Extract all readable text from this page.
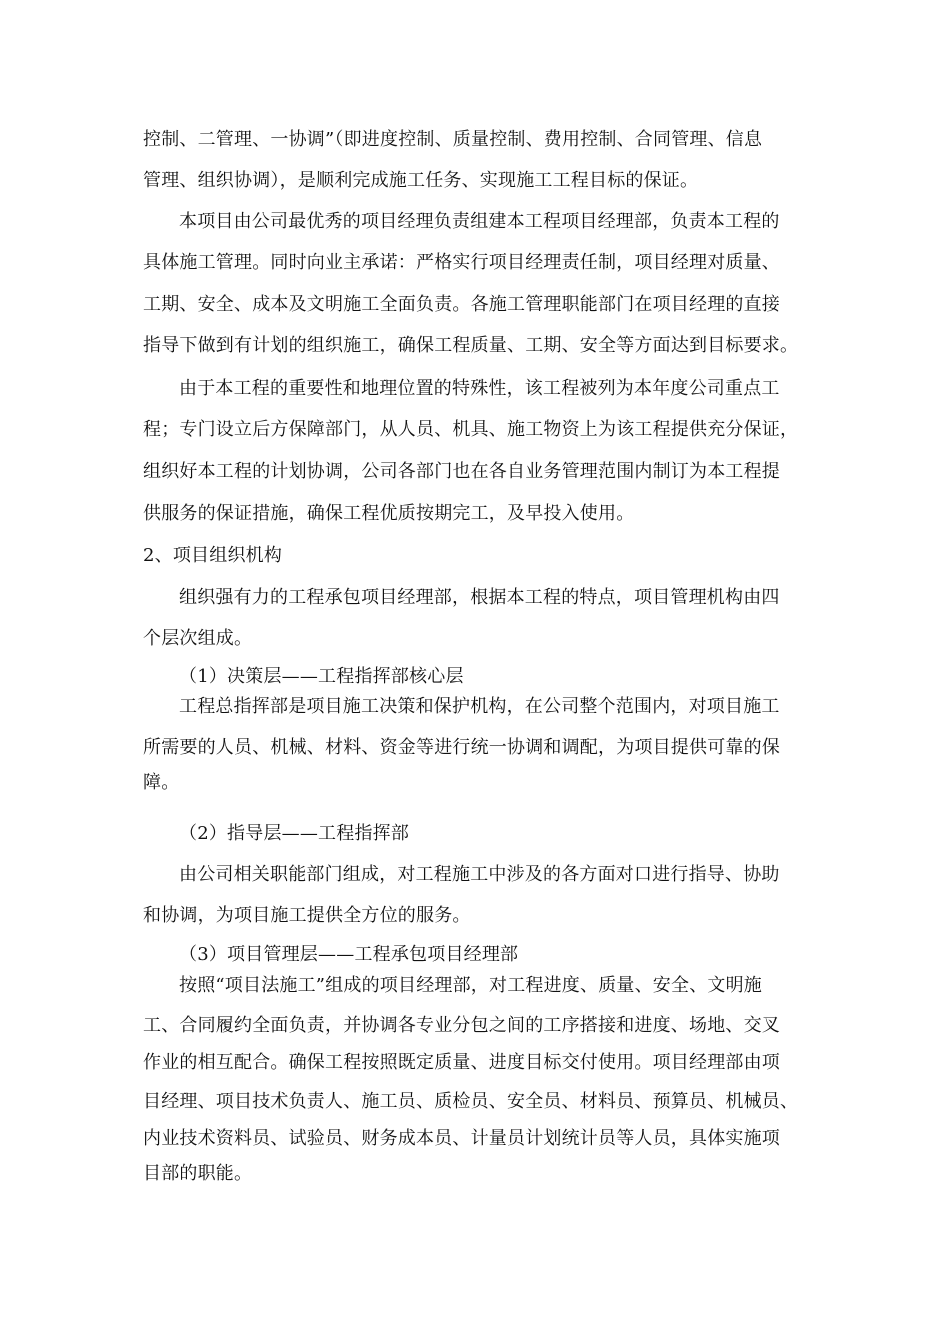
控制、二管理、一协调”（即进度控制、质量控制、费用控制、合同管理、信息
管理、组织协调），是顺利完成施工任务、实现施工工程目标的保证。
本项目由公司最优秀的项目经理负责组建本工程项目经理部，负责本工程的
具体施工管理。同时向业主承诺：严格实行项目经理责任制，项目经理对质量、
工期、安全、成本及文明施工全面负责。各施工管理职能部门在项目经理的直接
指导下做到有计划的组织施工，确保工程质量、工期、安全等方面达到目标要求。
由于本工程的重要性和地理位置的特殊性，该工程被列为本年度公司重点工
程；专门设立后方保障部门，从人员、机具、施工物资上为该工程提供充分保证，
组织好本工程的计划协调，公司各部门也在各自业务管理范围内制订为本工程提
供服务的保证措施，确保工程优质按期完工，及早投入使用。
2、项目组织机构
组织强有力的工程承包项目经理部，根据本工程的特点，项目管理机构由四
个层次组成。
（1）决策层——工程指挥部核心层
工程总指挥部是项目施工决策和保护机构，在公司整个范围内，对项目施工
所需要的人员、机械、材料、资金等进行统一协调和调配，为项目提供可靠的保
障。
（2）指导层——工程指挥部
由公司相关职能部门组成，对工程施工中涉及的各方面对口进行指导、协助
和协调，为项目施工提供全方位的服务。
（3）项目管理层——工程承包项目经理部
按照“项目法施工”组成的项目经理部，对工程进度、质量、安全、文明施
工、合同履约全面负责，并协调各专业分包之间的工序搭接和进度、场地、交叉
作业的相互配合。确保工程按照既定质量、进度目标交付使用。项目经理部由项
目经理、项目技术负责人、施工员、质检员、安全员、材料员、预算员、机械员、
内业技术资料员、试验员、财务成本员、计量员计划统计员等人员，具体实施项
目部的职能。
